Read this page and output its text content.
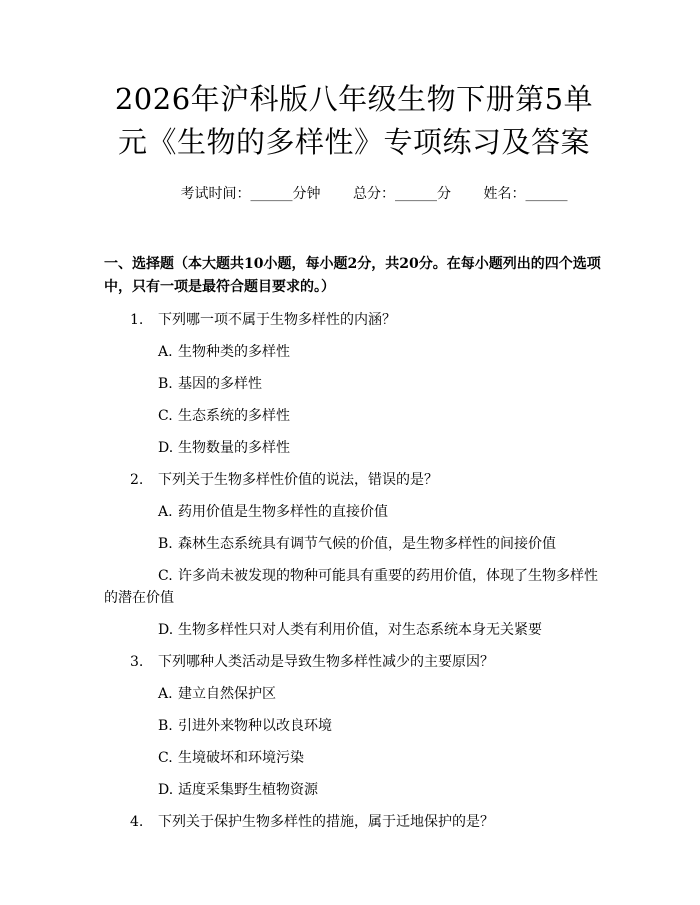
2026年沪科版八年级生物下册第5单元《生物的多样性》专项练习及答案
考试时间：______分钟 总分：______分 姓名：______
一、选择题（本大题共10小题，每小题2分，共20分。在每小题列出的四个选项中，只有一项是最符合题目要求的。）
1. 下列哪一项不属于生物多样性的内涵？
A. 生物种类的多样性
B. 基因的多样性
C. 生态系统的多样性
D. 生物数量的多样性
2. 下列关于生物多样性价值的说法，错误的是？
A. 药用价值是生物多样性的直接价值
B. 森林生态系统具有调节气候的价值，是生物多样性的间接价值
C. 许多尚未被发现的物种可能具有重要的药用价值，体现了生物多样性的潜在价值
D. 生物多样性只对人类有利用价值，对生态系统本身无关紧要
3. 下列哪种人类活动是导致生物多样性减少的主要原因？
A. 建立自然保护区
B. 引进外来物种以改良环境
C. 生境破坏和环境污染
D. 适度采集野生植物资源
4. 下列关于保护生物多样性的措施，属于迁地保护的是？
